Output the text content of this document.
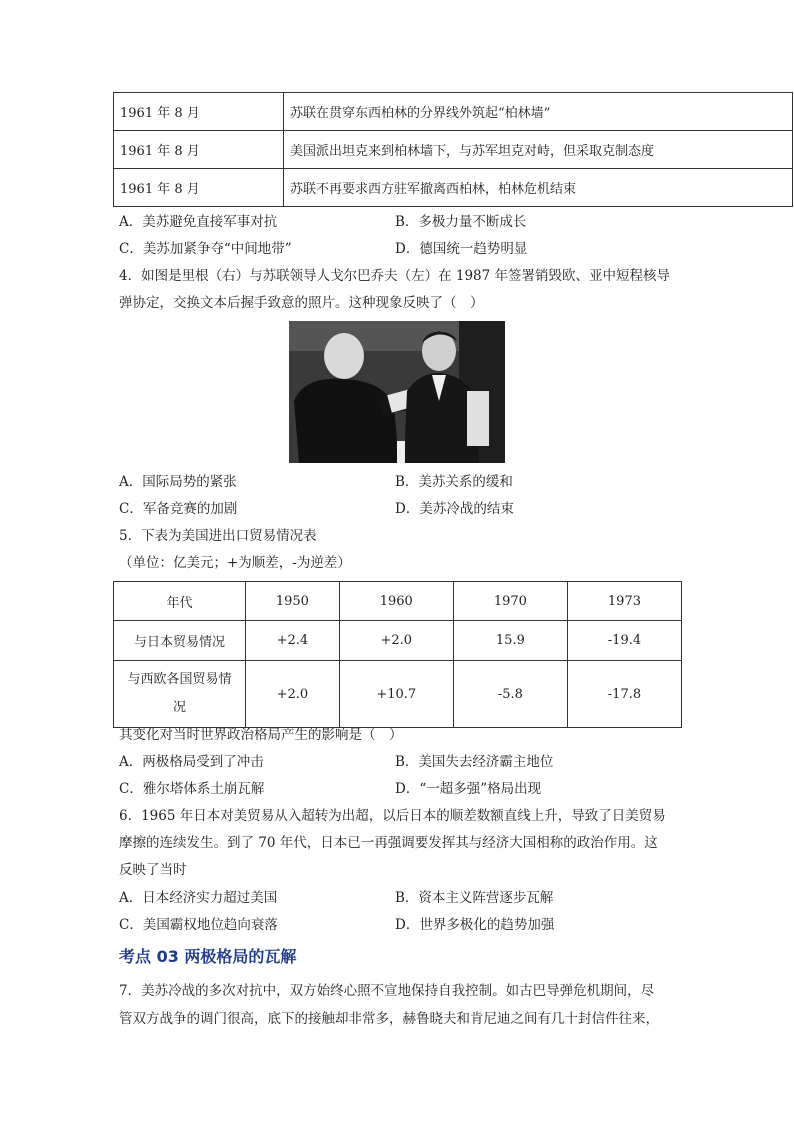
1961 年 8 月	苏联在贯穿东西柏林的分界线外筑起“柏林墙”
1961 年 8 月	美国派出坦克来到柏林墙下，与苏军坦克对峙，但采取克制态度
1961 年 8 月	苏联不再要求西方驻军撤离西柏林，柏林危机结束
A．美苏避免直接军事对抗	B．多极力量不断成长
C．美苏加紧争夺“中间地带”	D．德国统一趋势明显
4．如图是里根（右）与苏联领导人戈尔巴乔夫（左）在 1987 年签署销毁欧、亚中短程核导
弹协定，交换文本后握手致意的照片。这种现象反映了（　）
A．国际局势的紧张	B．美苏关系的缓和
C．军备竞赛的加剧	D．美苏冷战的结束
5．下表为美国进出口贸易情况表
（单位：亿美元；+为顺差，-为逆差）
年代	1950	1960	1970	1973
与日本贸易情况	+2.4	+2.0	15.9	-19.4
与西欧各国贸易情
况	+2.0	+10.7	-5.8	-17.8
其变化对当时世界政治格局产生的影响是（　）
A．两极格局受到了冲击	B．美国失去经济霸主地位
C．雅尔塔体系土崩瓦解	D．“一超多强”格局出现
6．1965 年日本对美贸易从入超转为出超，以后日本的顺差数额直线上升，导致了日美贸易
摩擦的连续发生。到了 70 年代，日本已一再强调要发挥其与经济大国相称的政治作用。这
反映了当时
A．日本经济实力超过美国	B．资本主义阵营逐步瓦解
C．美国霸权地位趋向衰落	D．世界多极化的趋势加强
考点 03 两极格局的瓦解
7．美苏冷战的多次对抗中，双方始终心照不宣地保持自我控制。如古巴导弹危机期间，尽
管双方战争的调门很高，底下的接触却非常多，赫鲁晓夫和肯尼迪之间有几十封信件往来，
